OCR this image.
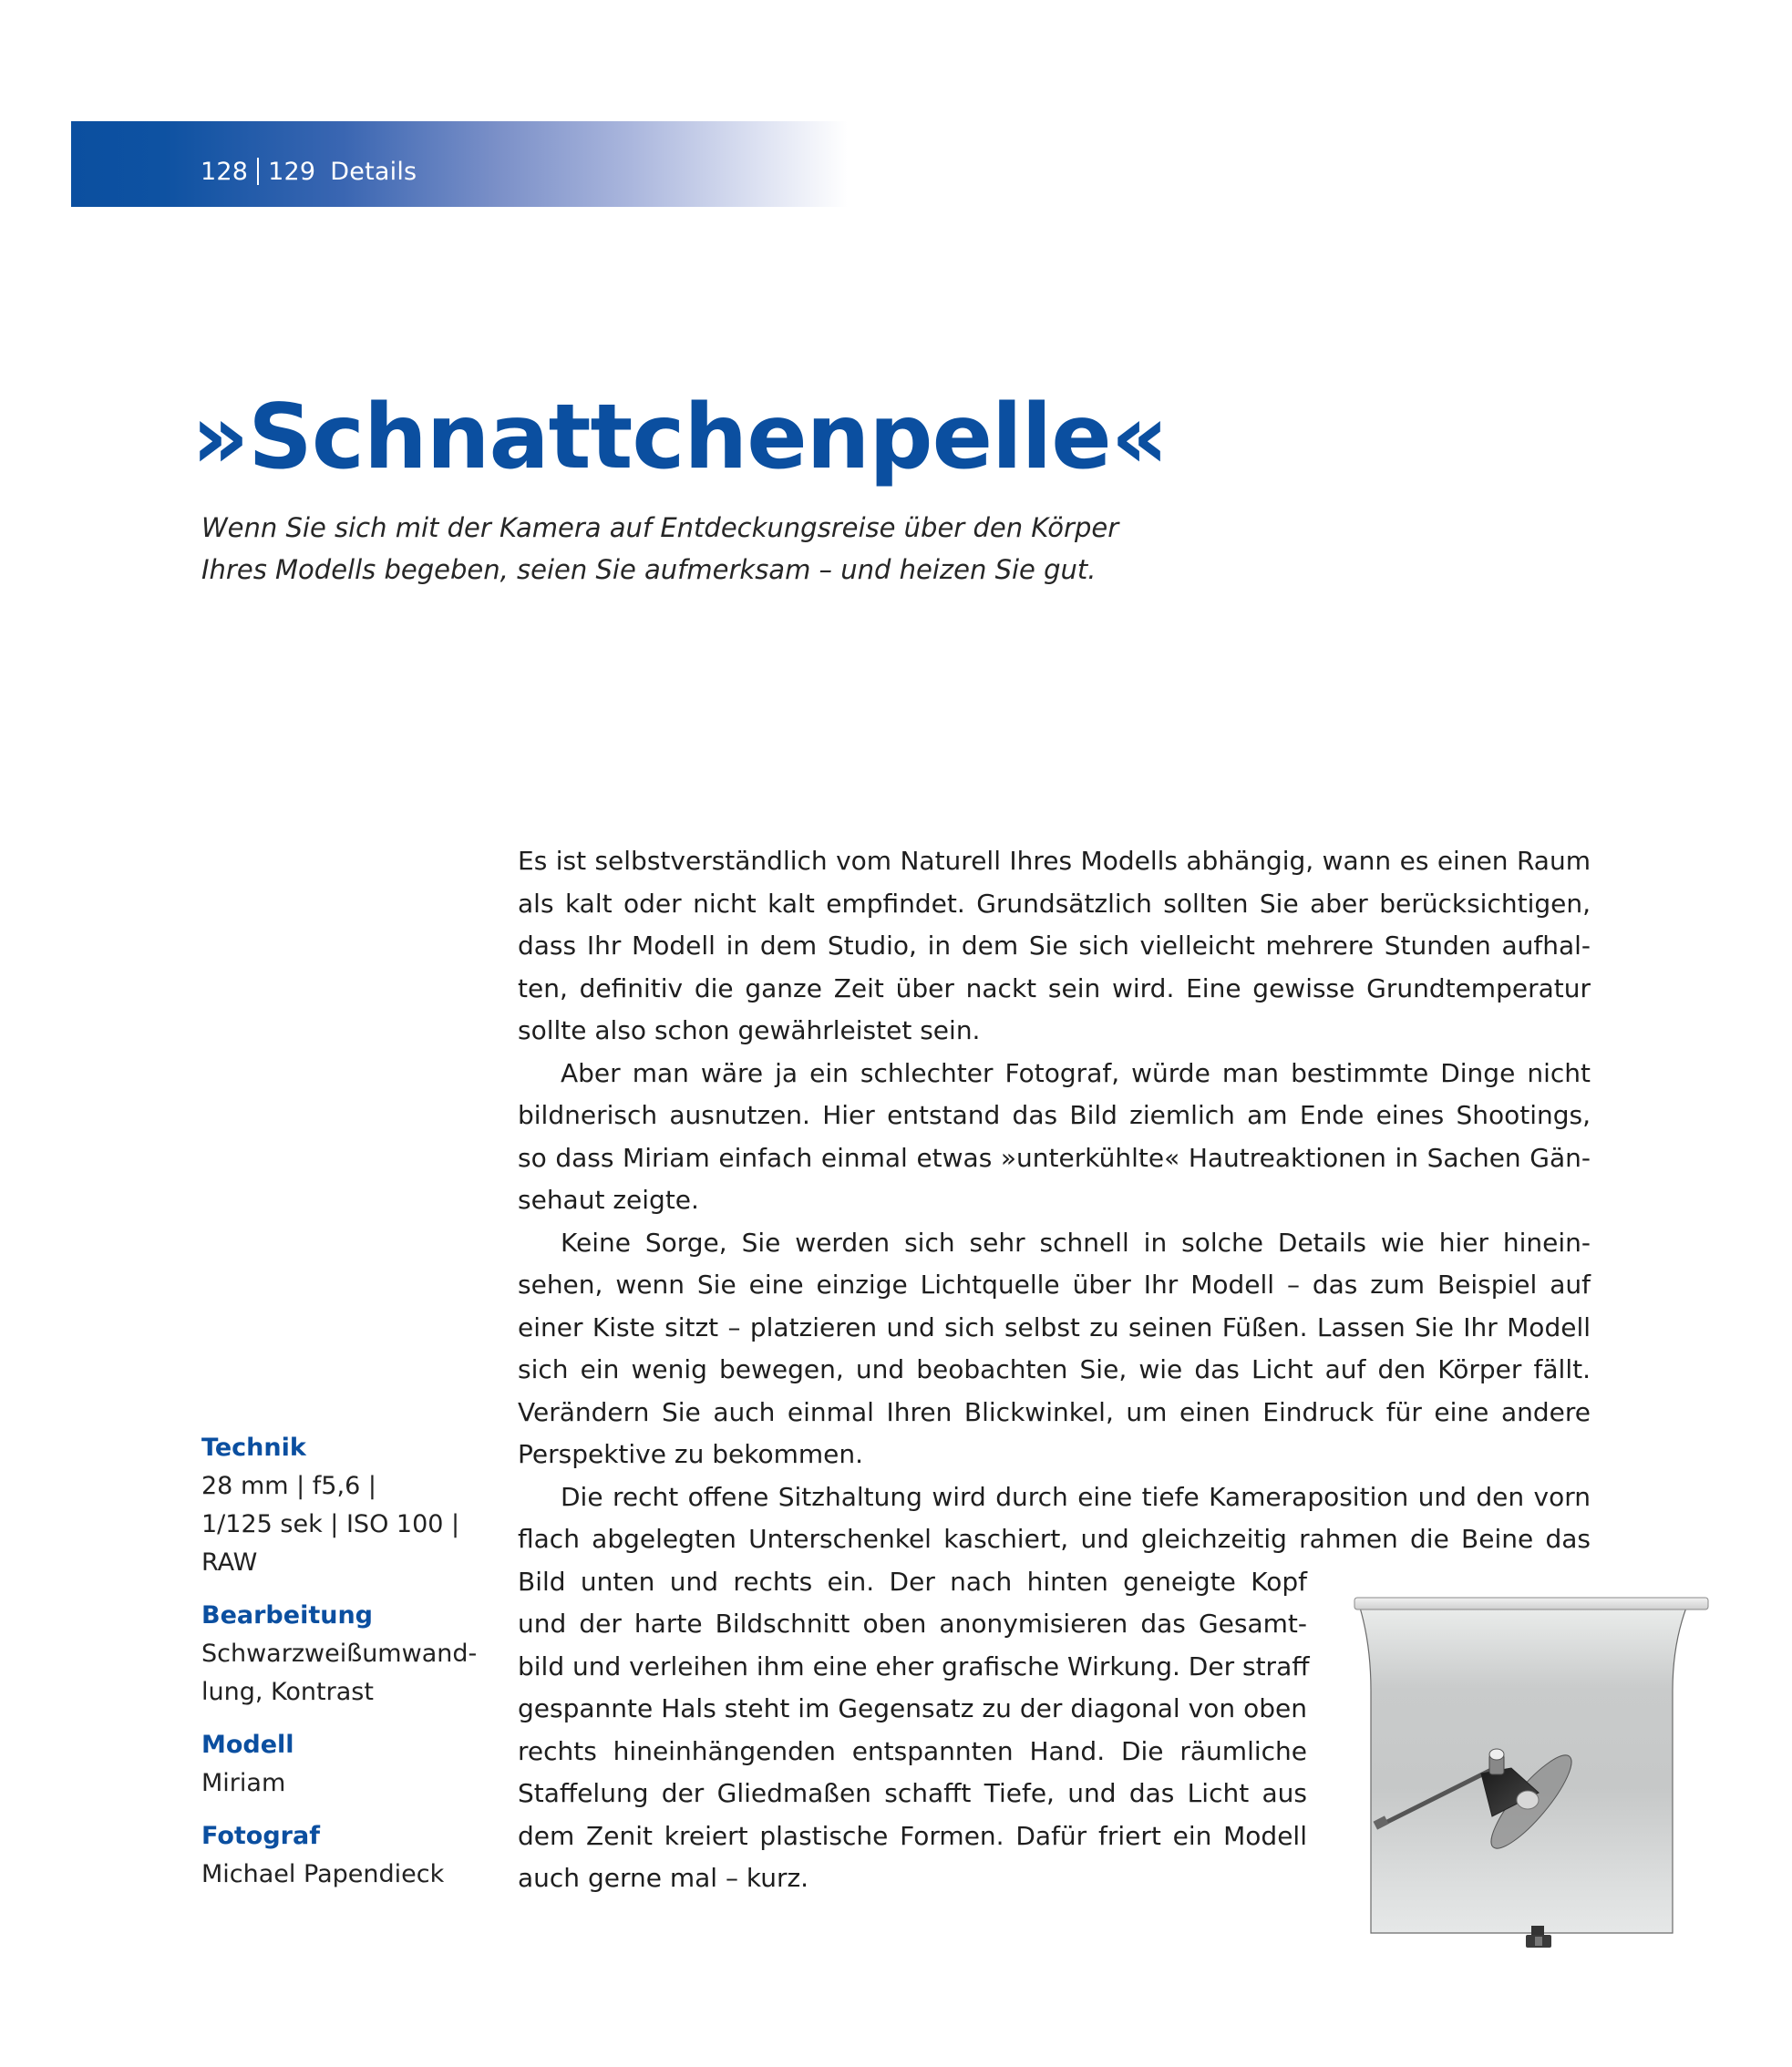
128 129 Details
»Schnattchenpelle«
Wenn Sie sich mit der Kamera auf Entdeckungsreise über den Körper
Ihres Modells begeben, seien Sie aufmerksam – und heizen Sie gut.
Technik
28 mm | f5,6 |
1/125 sek | ISO 100 |
RAW
Bearbeitung
Schwarzweißumwand-
lung, Kontrast
Modell
Miriam
Fotograf
Michael Papendieck
Es ist selbstverständlich vom Naturell Ihres Modells abhängig, wann es einen Raum
als kalt oder nicht kalt empfindet. Grundsätzlich sollten Sie aber berücksichtigen,
dass Ihr Modell in dem Studio, in dem Sie sich vielleicht mehrere Stunden aufhal-
ten, definitiv die ganze Zeit über nackt sein wird. Eine gewisse Grundtemperatur
sollte also schon gewährleistet sein.
Aber man wäre ja ein schlechter Fotograf, würde man bestimmte Dinge nicht
bildnerisch ausnutzen. Hier entstand das Bild ziemlich am Ende eines Shootings,
so dass Miriam einfach einmal etwas »unterkühlte« Hautreaktionen in Sachen Gän-
sehaut zeigte.
Keine Sorge, Sie werden sich sehr schnell in solche Details wie hier hinein-
sehen, wenn Sie eine einzige Lichtquelle über Ihr Modell – das zum Beispiel auf
einer Kiste sitzt – platzieren und sich selbst zu seinen Füßen. Lassen Sie Ihr Modell
sich ein wenig bewegen, und beobachten Sie, wie das Licht auf den Körper fällt.
Verändern Sie auch einmal Ihren Blickwinkel, um einen Eindruck für eine andere
Perspektive zu bekommen.
Die recht offene Sitzhaltung wird durch eine tiefe Kameraposition und den vorn
flach abgelegten Unterschenkel kaschiert, und gleichzeitig rahmen die Beine das
Bild unten und rechts ein. Der nach hinten geneigte Kopf
und der harte Bildschnitt oben anonymisieren das Gesamt-
bild und verleihen ihm eine eher grafische Wirkung. Der straff
gespannte Hals steht im Gegensatz zu der diagonal von oben
rechts hineinhängenden entspannten Hand. Die räumliche
Staffelung der Gliedmaßen schafft Tiefe, und das Licht aus
dem Zenit kreiert plastische Formen. Dafür friert ein Modell
auch gerne mal – kurz.
